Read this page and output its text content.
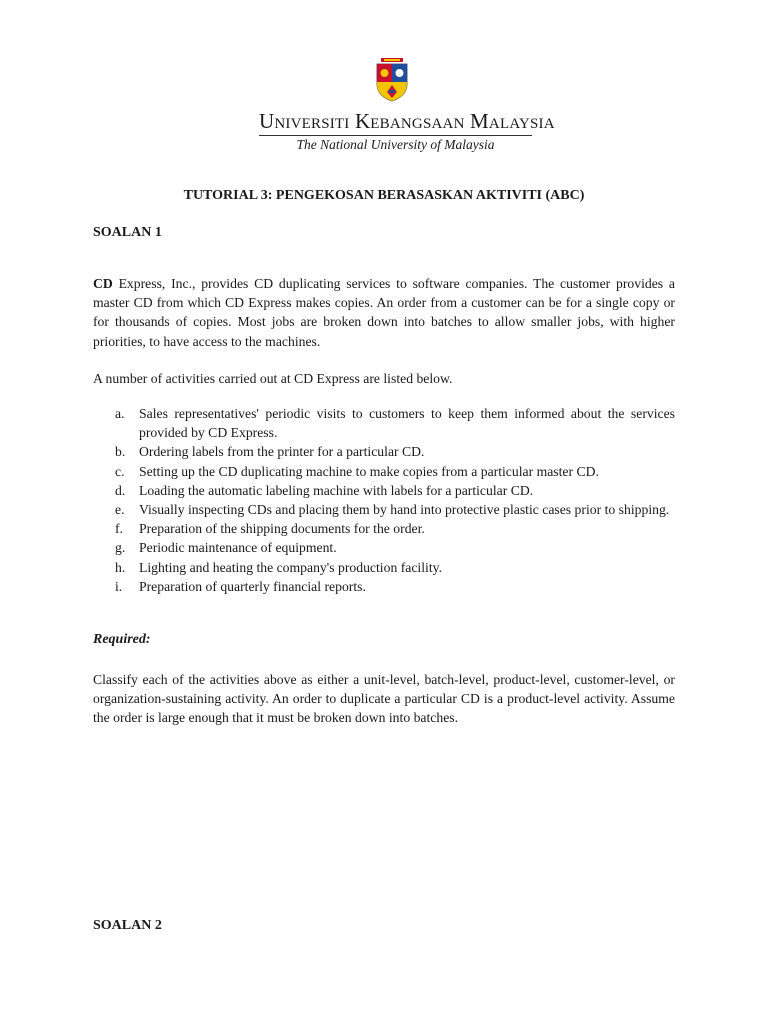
Universiti Kebangsaan Malaysia
The National University of Malaysia
TUTORIAL 3: PENGEKOSAN BERASASKAN AKTIVITI (ABC)
SOALAN 1
CD Express, Inc., provides CD duplicating services to software companies. The customer provides a master CD from which CD Express makes copies. An order from a customer can be for a single copy or for thousands of copies. Most jobs are broken down into batches to allow smaller jobs, with higher priorities, to have access to the machines.
A number of activities carried out at CD Express are listed below.
a. Sales representatives' periodic visits to customers to keep them informed about the services provided by CD Express.
b. Ordering labels from the printer for a particular CD.
c. Setting up the CD duplicating machine to make copies from a particular master CD.
d. Loading the automatic labeling machine with labels for a particular CD.
e. Visually inspecting CDs and placing them by hand into protective plastic cases prior to shipping.
f. Preparation of the shipping documents for the order.
g. Periodic maintenance of equipment.
h. Lighting and heating the company's production facility.
i. Preparation of quarterly financial reports.
Required:
Classify each of the activities above as either a unit-level, batch-level, product-level, customer-level, or organization-sustaining activity. An order to duplicate a particular CD is a product-level activity. Assume the order is large enough that it must be broken down into batches.
SOALAN 2
